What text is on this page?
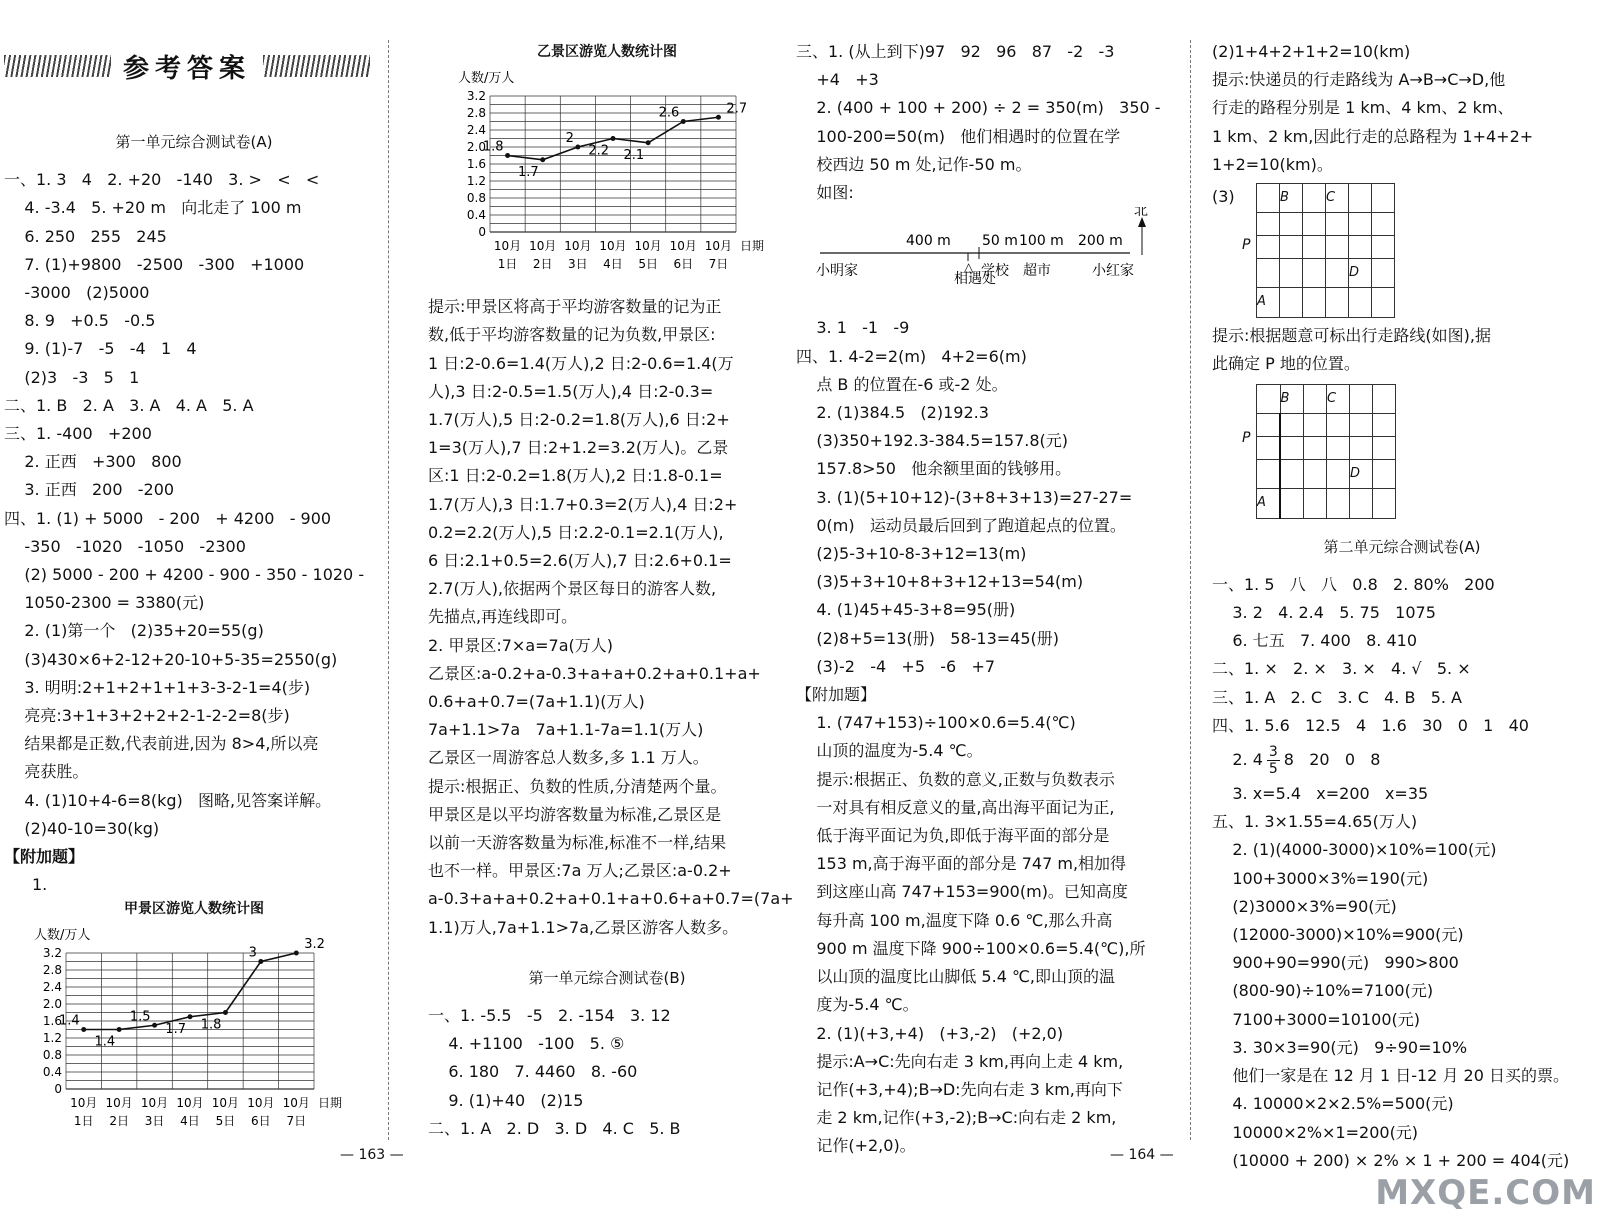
参考答案
第一单元综合测试卷(A)
一、1. 3   4   2. +20   -140   3. >   <   <
4. -3.4   5. +20 m   向北走了 100 m
6. 250   255   245
7. (1)+9800   -2500   -300   +1000
-3000   (2)5000
8. 9   +0.5   -0.5
9. (1)-7   -5   -4   1   4
(2)3   -3   5   1
二、1. B   2. A   3. A   4. A   5. A
三、1. -400   +200
2. 正西   +300   800
3. 正西   200   -200
四、1. (1) + 5000   - 200   + 4200   - 900
-350   -1020   -1050   -2300
(2) 5000 - 200 + 4200 - 900 - 350 - 1020 -
1050-2300 = 3380(元)
2. (1)第一个   (2)35+20=55(g)
(3)430×6+2-12+20-10+5-35=2550(g)
3. 明明:2+1+2+1+1+3-3-2-1=4(步)
亮亮:3+1+3+2+2+2-1-2-2=8(步)
结果都是正数,代表前进,因为 8>4,所以亮
亮获胜。
4. (1)10+4-6=8(kg)   图略,见答案详解。
(2)40-10=30(kg)
【附加题】
1.
甲景区游览人数统计图
人数/万人
0
0.4
0.8
1.2
1.6
2.0
2.4
2.8
3.2
10月
1日
10月
2日
10月
3日
10月
4日
10月
5日
10月
6日
10月
7日
日期
1.4
1.4
1.5
1.7 1.8
3
3.2
乙景区游览人数统计图
人数/万人
0
0.4
0.8
1.2
1.6
2.0
2.4
2.8
3.2
10月
1日
10月
2日
10月
3日
10月
4日
10月
5日
10月
6日
10月
7日
日期
1.8
1.7
2
2.2 2.1
2.6	2.7
提示:甲景区将高于平均游客数量的记为正
数,低于平均游客数量的记为负数,甲景区:
1 日:2-0.6=1.4(万人),2 日:2-0.6=1.4(万
人),3 日:2-0.5=1.5(万人),4 日:2-0.3=
1.7(万人),5 日:2-0.2=1.8(万人),6 日:2+
1=3(万人),7 日:2+1.2=3.2(万人)。乙景
区:1 日:2-0.2=1.8(万人),2 日:1.8-0.1=
1.7(万人),3 日:1.7+0.3=2(万人),4 日:2+
0.2=2.2(万人),5 日:2.2-0.1=2.1(万人),
6 日:2.1+0.5=2.6(万人),7 日:2.6+0.1=
2.7(万人),依据两个景区每日的游客人数,
先描点,再连线即可。
2. 甲景区:7×a=7a(万人)
乙景区:a-0.2+a-0.3+a+a+0.2+a+0.1+a+
0.6+a+0.7=(7a+1.1)(万人)
7a+1.1>7a   7a+1.1-7a=1.1(万人)
乙景区一周游客总人数多,多 1.1 万人。
提示:根据正、负数的性质,分清楚两个量。
甲景区是以平均游客数量为标准,乙景区是
以前一天游客数量为标准,标准不一样,结果
也不一样。甲景区:7a 万人;乙景区:a-0.2+
a-0.3+a+a+0.2+a+0.1+a+0.6+a+0.7=(7a+
1.1)万人,7a+1.1>7a,乙景区游客人数多。
第一单元综合测试卷(B)
一、1. -5.5   -5   2. -154   3. 12
4. +1100   -100   5. ⑤
6. 180   7. 4460   8. -60
9. (1)+40   (2)15
二、1. A   2. D   3. D   4. C   5. B
三、1. (从上到下)97   92   96   87   -2   -3
+4   +3
2. (400 + 100 + 200) ÷ 2 = 350(m)   350 -
100-200=50(m)   他们相遇时的位置在学
校西边 50 m 处,记作-50 m。
如图:
400 m 50 m 100 m 200 m
北
小明家	△
相遇处
学校 超市	小红家
3. 1   -1   -9
四、1. 4-2=2(m)   4+2=6(m)
点 B 的位置在-6 或-2 处。
2. (1)384.5   (2)192.3
(3)350+192.3-384.5=157.8(元)
157.8>50   他余额里面的钱够用。
3. (1)(5+10+12)-(3+8+3+13)=27-27=
0(m)   运动员最后回到了跑道起点的位置。
(2)5-3+10-8-3+12=13(m)
(3)5+3+10+8+3+12+13=54(m)
4. (1)45+45-3+8=95(册)
(2)8+5=13(册)   58-13=45(册)
(3)-2   -4   +5   -6   +7
【附加题】
1. (747+153)÷100×0.6=5.4(℃)
山顶的温度为-5.4 ℃。
提示:根据正、负数的意义,正数与负数表示
一对具有相反意义的量,高出海平面记为正,
低于海平面记为负,即低于海平面的部分是
153 m,高于海平面的部分是 747 m,相加得
到这座山高 747+153=900(m)。已知高度
每升高 100 m,温度下降 0.6 ℃,那么升高
900 m 温度下降 900÷100×0.6=5.4(℃),所
以山顶的温度比山脚低 5.4 ℃,即山顶的温
度为-5.4 ℃。
2. (1)(+3,+4)   (+3,-2)   (+2,0)
提示:A→C:先向右走 3 km,再向上走 4 km,
记作(+3,+4);B→D:先向右走 3 km,再向下
走 2 km,记作(+3,-2);B→C:向右走 2 km,
记作(+2,0)。
(2)1+4+2+1+2=10(km)
提示:快递员的行走路线为 A→B→C→D,他
行走的路程分别是 1 km、4 km、2 km、
1 km、2 km,因此行走的总路程为 1+4+2+
1+2=10(km)。
(3)
P
	B		C		

				D	
A					
提示:根据题意可标出行走路线(如图),据
此确定 P 地的位置。
P
	B		C		

				D	
A					
第二单元综合测试卷(A)
一、1. 5   八   八   0.8   2. 80%   200
3. 2   4. 2.4   5. 75   1075
6. 七五   7. 400   8. 410
二、1. ×   2. ×   3. ×   4. √   5. ×
三、1. A   2. C   3. C   4. B   5. A
四、1. 5.6   12.5   4   1.6   30   0   1   40
2. $4 \frac{3}{5} 8$   20   0   8
3. x=5.4   x=200   x=35
五、1. 3×1.55=4.65(万人)
2. (1)(4000-3000)×10%=100(元)
100+3000×3%=190(元)
(2)3000×3%=90(元)
(12000-3000)×10%=900(元)
900+90=990(元)   990>800
(800-90)÷10%=7100(元)
7100+3000=10100(元)
3. 30×3=90(元)   9÷90=10%
他们一家是在 12 月 1 日-12 月 20 日买的票。
4. 10000×2×2.5%=500(元)
10000×2%×1=200(元)
(10000 + 200) × 2% × 1 + 200 = 404(元)
— 163 —	— 164 —
MXQE.COM
